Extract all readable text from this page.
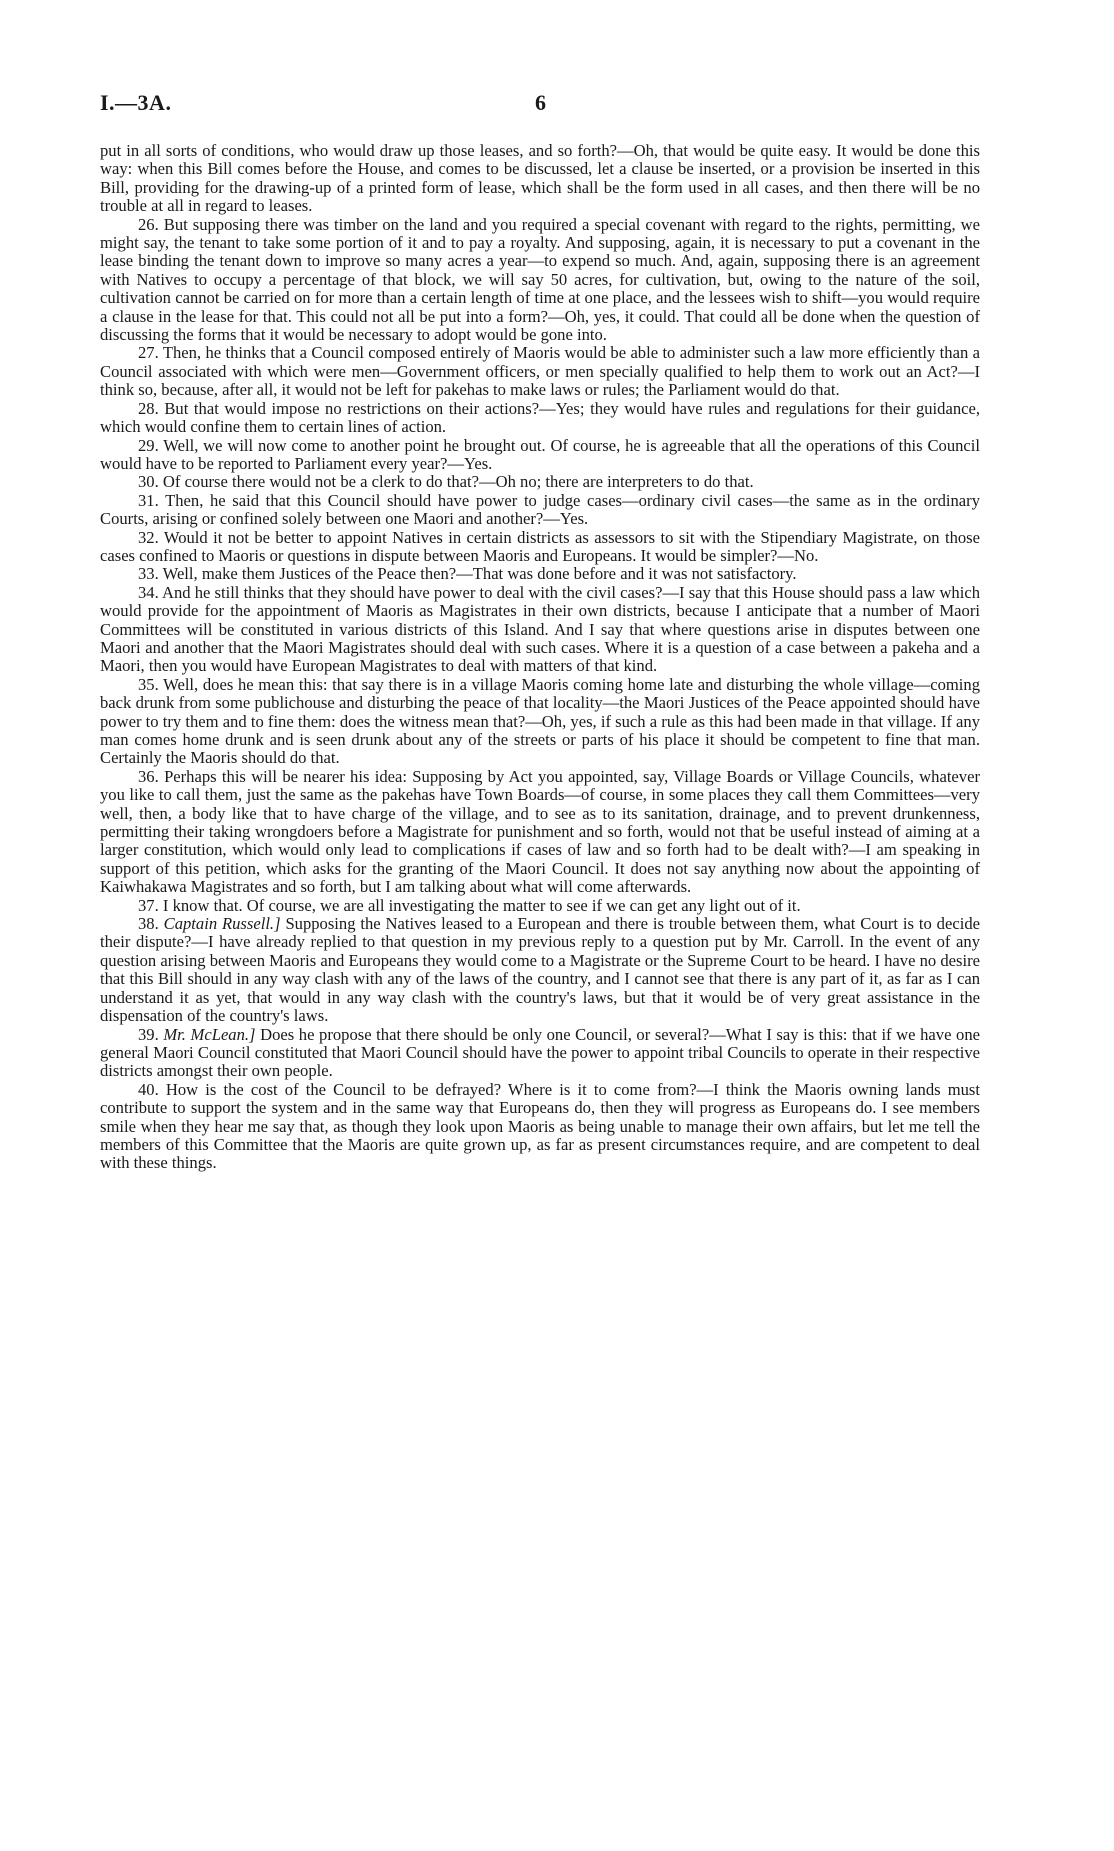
I.—3A.	6

put in all sorts of conditions, who would draw up those leases, and so forth?—Oh, that would be quite easy. It would be done this way: when this Bill comes before the House, and comes to be discussed, let a clause be inserted, or a provision be inserted in this Bill, providing for the drawing-up of a printed form of lease, which shall be the form used in all cases, and then there will be no trouble at all in regard to leases.

26. But supposing there was timber on the land and you required a special covenant with regard to the rights, permitting, we might say, the tenant to take some portion of it and to pay a royalty. And supposing, again, it is necessary to put a covenant in the lease binding the tenant down to improve so many acres a year—to expend so much. And, again, supposing there is an agreement with Natives to occupy a percentage of that block, we will say 50 acres, for cultivation, but, owing to the nature of the soil, cultivation cannot be carried on for more than a certain length of time at one place, and the lessees wish to shift—you would require a clause in the lease for that. This could not all be put into a form?—Oh, yes, it could. That could all be done when the question of discussing the forms that it would be necessary to adopt would be gone into.

27. Then, he thinks that a Council composed entirely of Maoris would be able to administer such a law more efficiently than a Council associated with which were men—Government officers, or men specially qualified to help them to work out an Act?—I think so, because, after all, it would not be left for pakehas to make laws or rules; the Parliament would do that.

28. But that would impose no restrictions on their actions?—Yes; they would have rules and regulations for their guidance, which would confine them to certain lines of action.

29. Well, we will now come to another point he brought out. Of course, he is agreeable that all the operations of this Council would have to be reported to Parliament every year?—Yes.

30. Of course there would not be a clerk to do that?—Oh no; there are interpreters to do that.

31. Then, he said that this Council should have power to judge cases—ordinary civil cases—the same as in the ordinary Courts, arising or confined solely between one Maori and another?—Yes.

32. Would it not be better to appoint Natives in certain districts as assessors to sit with the Stipendiary Magistrate, on those cases confined to Maoris or questions in dispute between Maoris and Europeans. It would be simpler?—No.

33. Well, make them Justices of the Peace then?—That was done before and it was not satisfactory.

34. And he still thinks that they should have power to deal with the civil cases?—I say that this House should pass a law which would provide for the appointment of Maoris as Magistrates in their own districts, because I anticipate that a number of Maori Committees will be constituted in various districts of this Island. And I say that where questions arise in disputes between one Maori and another that the Maori Magistrates should deal with such cases. Where it is a question of a case between a pakeha and a Maori, then you would have European Magistrates to deal with matters of that kind.

35. Well, does he mean this: that say there is in a village Maoris coming home late and disturbing the whole village—coming back drunk from some publichouse and disturbing the peace of that locality—the Maori Justices of the Peace appointed should have power to try them and to fine them: does the witness mean that?—Oh, yes, if such a rule as this had been made in that village. If any man comes home drunk and is seen drunk about any of the streets or parts of his place it should be competent to fine that man. Certainly the Maoris should do that.

36. Perhaps this will be nearer his idea: Supposing by Act you appointed, say, Village Boards or Village Councils, whatever you like to call them, just the same as the pakehas have Town Boards—of course, in some places they call them Committees—very well, then, a body like that to have charge of the village, and to see as to its sanitation, drainage, and to prevent drunkenness, permitting their taking wrongdoers before a Magistrate for punishment and so forth, would not that be useful instead of aiming at a larger constitution, which would only lead to complications if cases of law and so forth had to be dealt with?—I am speaking in support of this petition, which asks for the granting of the Maori Council. It does not say anything now about the appointing of Kaiwhakawa Magistrates and so forth, but I am talking about what will come afterwards.

37. I know that. Of course, we are all investigating the matter to see if we can get any light out of it.

38. Captain Russell.] Supposing the Natives leased to a European and there is trouble between them, what Court is to decide their dispute?—I have already replied to that question in my previous reply to a question put by Mr. Carroll. In the event of any question arising between Maoris and Europeans they would come to a Magistrate or the Supreme Court to be heard. I have no desire that this Bill should in any way clash with any of the laws of the country, and I cannot see that there is any part of it, as far as I can understand it as yet, that would in any way clash with the country's laws, but that it would be of very great assistance in the dispensation of the country's laws.

39. Mr. McLean.] Does he propose that there should be only one Council, or several?—What I say is this: that if we have one general Maori Council constituted that Maori Council should have the power to appoint tribal Councils to operate in their respective districts amongst their own people.

40. How is the cost of the Council to be defrayed? Where is it to come from?—I think the Maoris owning lands must contribute to support the system and in the same way that Europeans do, then they will progress as Europeans do. I see members smile when they hear me say that, as though they look upon Maoris as being unable to manage their own affairs, but let me tell the members of this Committee that the Maoris are quite grown up, as far as present circumstances require, and are competent to deal with these things.
